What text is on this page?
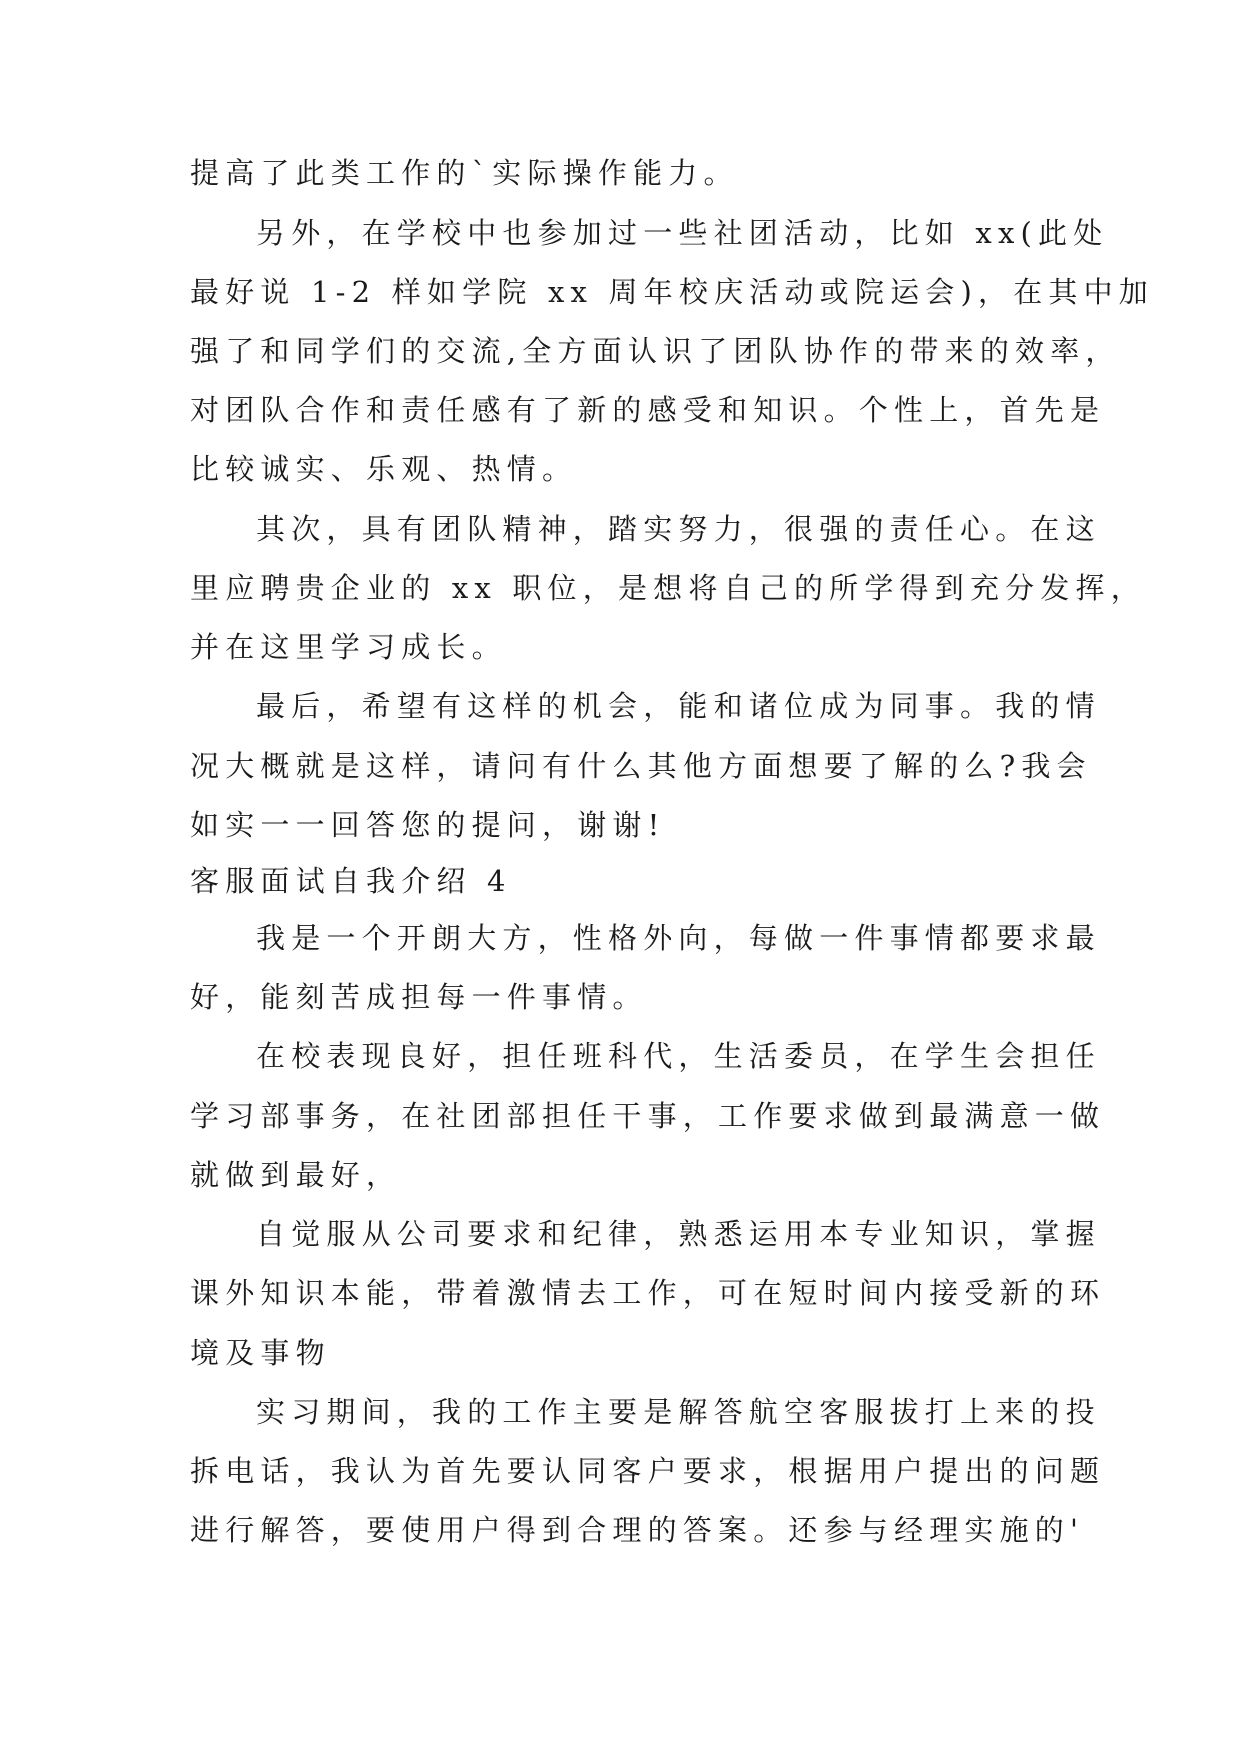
提高了此类工作的`实际操作能力。
另外，在学校中也参加过一些社团活动，比如 xx(此处
最好说 1-2 样如学院 xx 周年校庆活动或院运会)，在其中加
强了和同学们的交流,全方面认识了团队协作的带来的效率，
对团队合作和责任感有了新的感受和知识。个性上，首先是
比较诚实、乐观、热情。
其次，具有团队精神，踏实努力，很强的责任心。在这
里应聘贵企业的 xx 职位，是想将自己的所学得到充分发挥，
并在这里学习成长。
最后，希望有这样的机会，能和诸位成为同事。我的情
况大概就是这样，请问有什么其他方面想要了解的么?我会
如实一一回答您的提问，谢谢!
客服面试自我介绍 4
我是一个开朗大方，性格外向，每做一件事情都要求最
好，能刻苦成担每一件事情。
在校表现良好，担任班科代，生活委员，在学生会担任
学习部事务，在社团部担任干事，工作要求做到最满意一做
就做到最好，
自觉服从公司要求和纪律，熟悉运用本专业知识，掌握
课外知识本能，带着激情去工作，可在短时间内接受新的环
境及事物
实习期间，我的工作主要是解答航空客服拔打上来的投
拆电话，我认为首先要认同客户要求，根据用户提出的问题
进行解答，要使用户得到合理的答案。还参与经理实施的'
